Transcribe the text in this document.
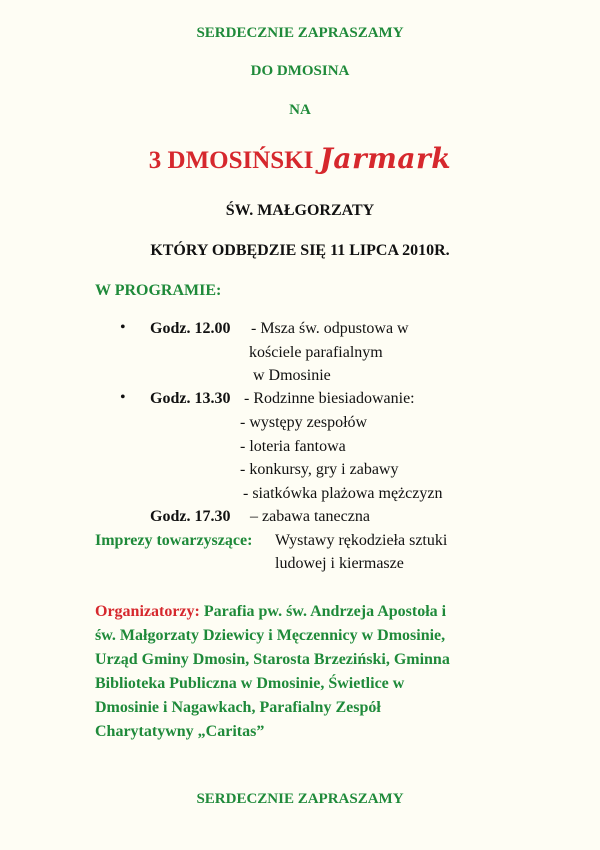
SERDECZNIE ZAPRASZAMY
DO DMOSINA
NA
3 DMOSIŃSKI Jarmark
ŚW. MAŁGORZATY
KTÓRY ODBĘDZIE SIĘ 11 LIPCA 2010R.
W PROGRAMIE:
• Godz. 12.00 - Msza św. odpustowa w
kościele parafialnym
w Dmosinie
• Godz. 13.30 - Rodzinne biesiadowanie:
- występy zespołów
- loteria fantowa
- konkursy, gry i zabawy
- siatkówka plażowa mężczyzn
Godz. 17.30 – zabawa taneczna
Imprezy towarzyszące: Wystawy rękodzieła sztuki
ludowej i kiermasze
Organizatorzy: Parafia pw. św. Andrzeja Apostoła i
św. Małgorzaty Dziewicy i Męczennicy w Dmosinie,
Urząd Gminy Dmosin, Starosta Brzeziński, Gminna
Biblioteka Publiczna w Dmosinie, Świetlice w
Dmosinie i Nagawkach, Parafialny Zespół
Charytatywny „Caritas”
SERDECZNIE ZAPRASZAMY
